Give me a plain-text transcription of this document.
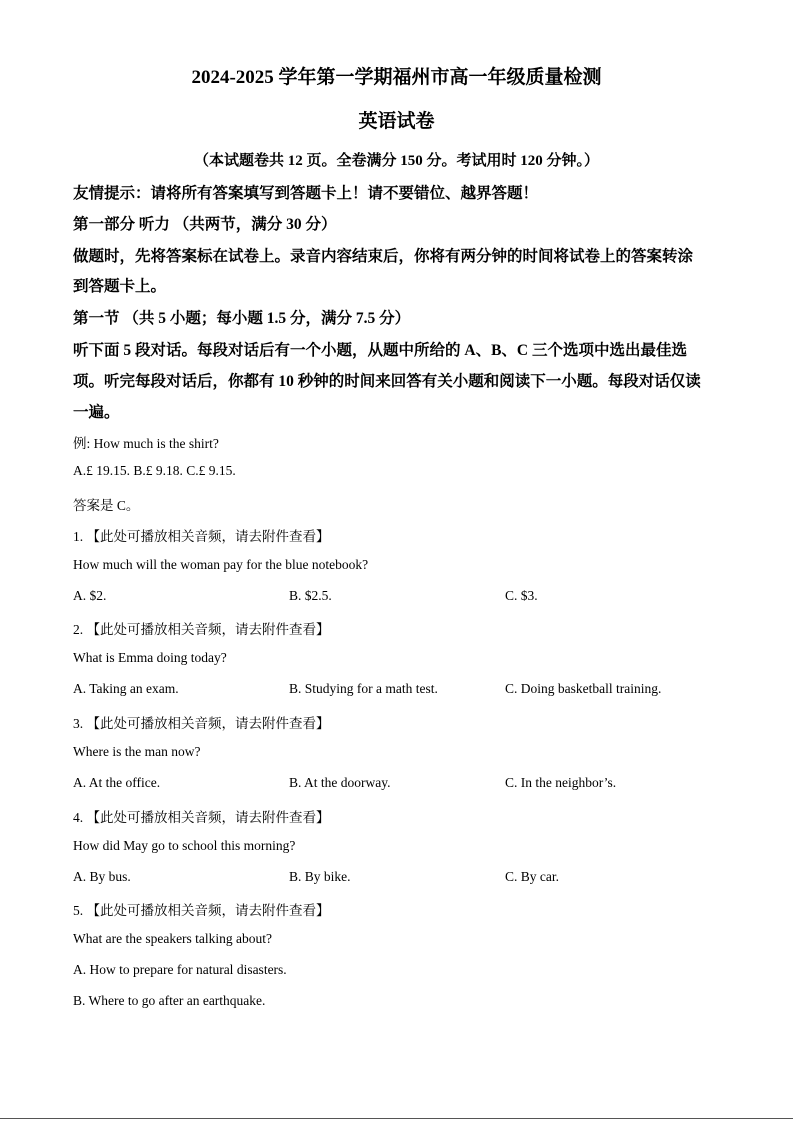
2024-2025 学年第一学期福州市高一年级质量检测
英语试卷
（本试题卷共 12 页。全卷满分 150 分。考试用时 120 分钟。）
友情提示：请将所有答案填写到答题卡上！请不要错位、越界答题！
第一部分 听力 （共两节，满分 30 分）
做题时，先将答案标在试卷上。录音内容结束后，你将有两分钟的时间将试卷上的答案转涂
到答题卡上。
第一节 （共 5 小题；每小题 1.5 分，满分 7.5 分）
听下面 5 段对话。每段对话后有一个小题，从题中所给的 A、B、C 三个选项中选出最佳选
项。听完每段对话后，你都有 10 秒钟的时间来回答有关小题和阅读下一小题。每段对话仅读
一遍。
例: How much is the shirt?
A.£ 19.15. B.£ 9.18. C.£ 9.15.
答案是 C。
1. 【此处可播放相关音频，请去附件查看】
How much will the woman pay for the blue notebook?
A. $2.	B. $2.5.	C. $3.
2. 【此处可播放相关音频，请去附件查看】
What is Emma doing today?
A. Taking an exam.	B. Studying for a math test.	C. Doing basketball training.
3. 【此处可播放相关音频，请去附件查看】
Where is the man now?
A. At the office.	B. At the doorway.	C. In the neighbor’s.
4. 【此处可播放相关音频，请去附件查看】
How did May go to school this morning?
A. By bus.	B. By bike.	C. By car.
5. 【此处可播放相关音频，请去附件查看】
What are the speakers talking about?
A. How to prepare for natural disasters.
B. Where to go after an earthquake.
